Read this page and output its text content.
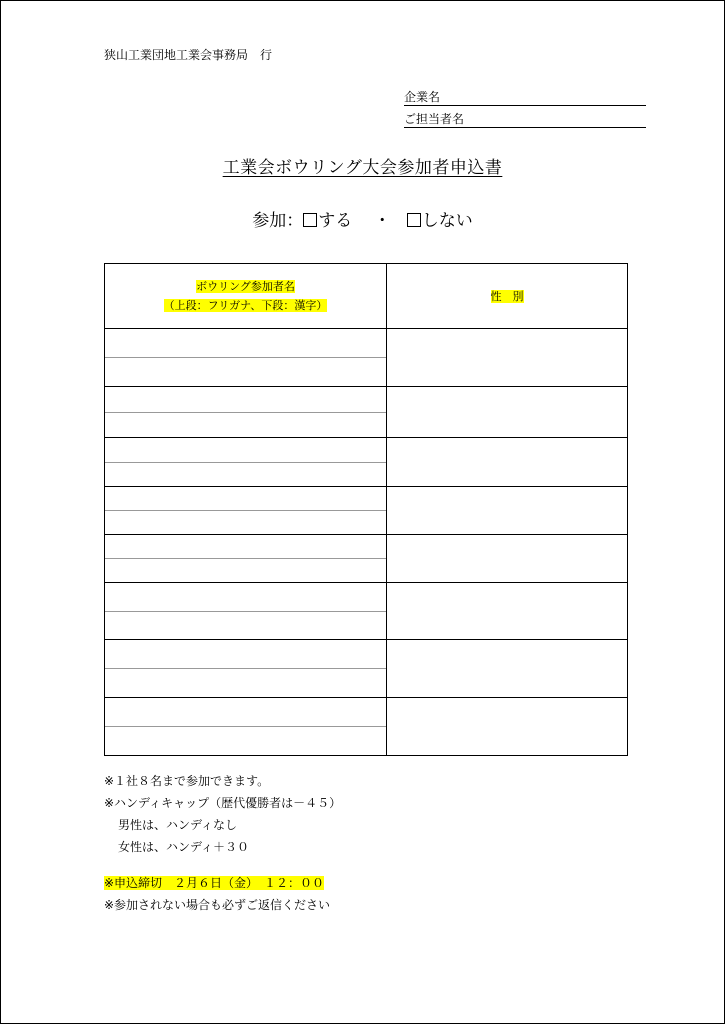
狭山工業団地工業会事務局　行
企業名
ご担当者名
工業会ボウリング大会参加者申込書
参加： する ・ しない
ボウリング参加者名
（上段：フリガナ、下段：漢字）	性　別

※１社８名まで参加できます。
※ハンディキャップ（歴代優勝者は－４５）
男性は、ハンディなし
女性は、ハンディ＋３０
※申込締切　２月６日（金）　１２：００
※参加されない場合も必ずご返信ください
